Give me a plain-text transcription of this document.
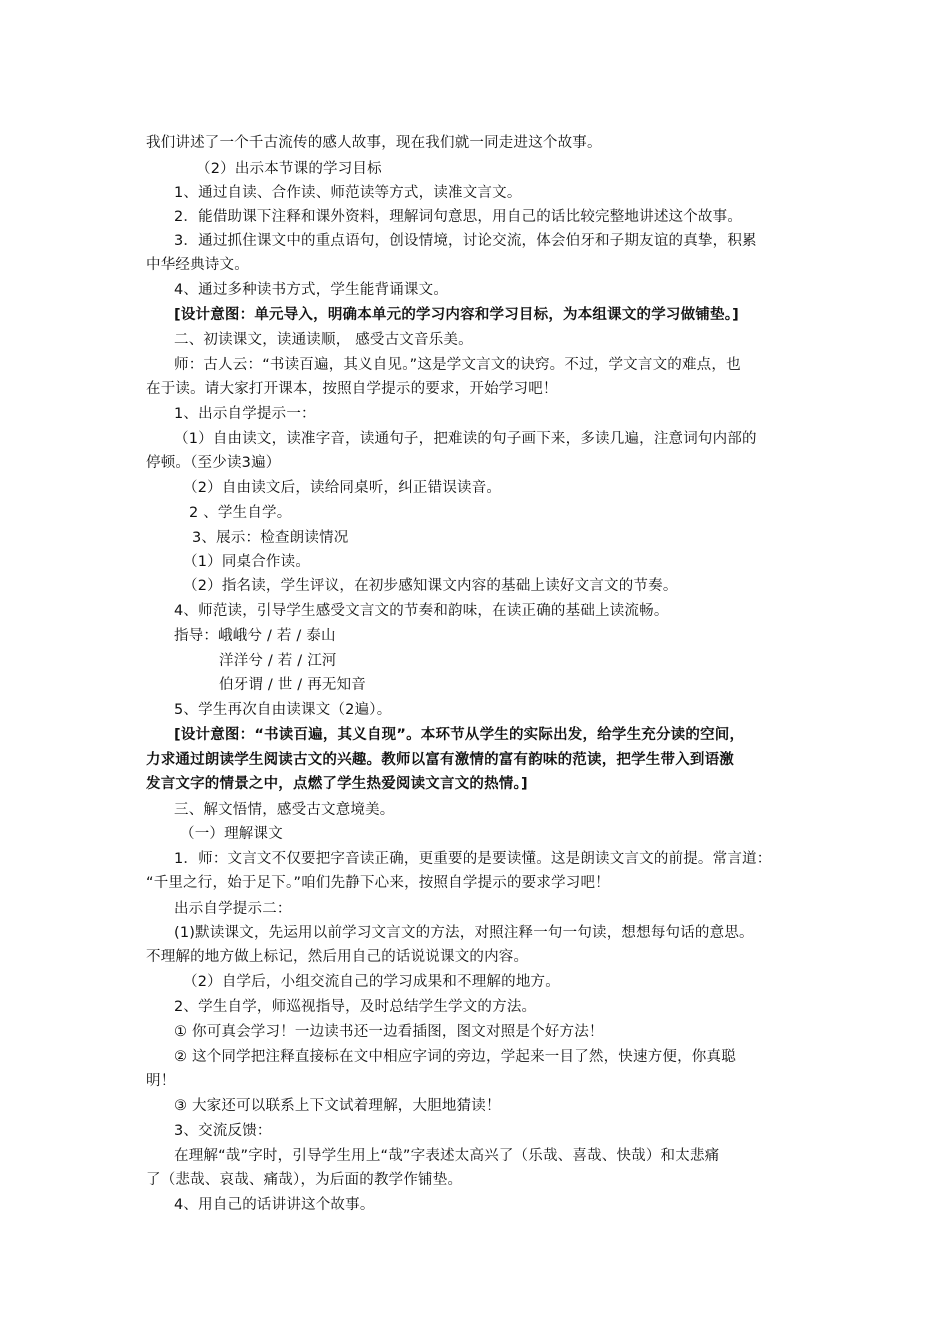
我们讲述了一个千古流传的感人故事，现在我们就一同走进这个故事。
（2）出示本节课的学习目标
1、通过自读、合作读、师范读等方式，读准文言文。
2．能借助课下注释和课外资料，理解词句意思，用自己的话比较完整地讲述这个故事。
3．通过抓住课文中的重点语句，创设情境，讨论交流，体会伯牙和子期友谊的真挚，积累
中华经典诗文。
4、通过多种读书方式，学生能背诵课文。
[设计意图：单元导入，明确本单元的学习内容和学习目标，为本组课文的学习做铺垫。]
二、初读课文，读通读顺， 感受古文音乐美。
师：古人云：“书读百遍，其义自见。”这是学文言文的诀窍。不过，学文言文的难点，也
在于读。请大家打开课本，按照自学提示的要求，开始学习吧！
1、出示自学提示一：
（1）自由读文，读准字音，读通句子，把难读的句子画下来，多读几遍，注意词句内部的
停顿。（至少读3遍）
（2）自由读文后，读给同桌听，纠正错误读音。
2 、学生自学。
3、展示：检查朗读情况
（1）同桌合作读。
（2）指名读，学生评议，在初步感知课文内容的基础上读好文言文的节奏。
4、师范读，引导学生感受文言文的节奏和韵味，在读正确的基础上读流畅。
指导：峨峨兮 / 若 / 泰山
洋洋兮 / 若 / 江河
伯牙谓 / 世 / 再无知音
5、学生再次自由读课文（2遍）。
[设计意图：“书读百遍，其义自现”。本环节从学生的实际出发，给学生充分读的空间，
力求通过朗读学生阅读古文的兴趣。教师以富有激情的富有韵味的范读，把学生带入到语激
发言文字的情景之中，点燃了学生热爱阅读文言文的热情。]
三、解文悟情，感受古文意境美。
（一）理解课文
1．师：文言文不仅要把字音读正确，更重要的是要读懂。这是朗读文言文的前提。常言道：
“千里之行，始于足下。”咱们先静下心来，按照自学提示的要求学习吧！
出示自学提示二：
(1)默读课文，先运用以前学习文言文的方法，对照注释一句一句读，想想每句话的意思。
不理解的地方做上标记，然后用自己的话说说课文的内容。
（2）自学后，小组交流自己的学习成果和不理解的地方。
2、学生自学，师巡视指导，及时总结学生学文的方法。
① 你可真会学习！一边读书还一边看插图，图文对照是个好方法！
② 这个同学把注释直接标在文中相应字词的旁边，学起来一目了然，快速方便，你真聪
明！
③ 大家还可以联系上下文试着理解，大胆地猜读！
3、交流反馈：
在理解“哉”字时，引导学生用上“哉”字表述太高兴了（乐哉、喜哉、快哉）和太悲痛
了（悲哉、哀哉、痛哉），为后面的教学作铺垫。
4、用自己的话讲讲这个故事。
